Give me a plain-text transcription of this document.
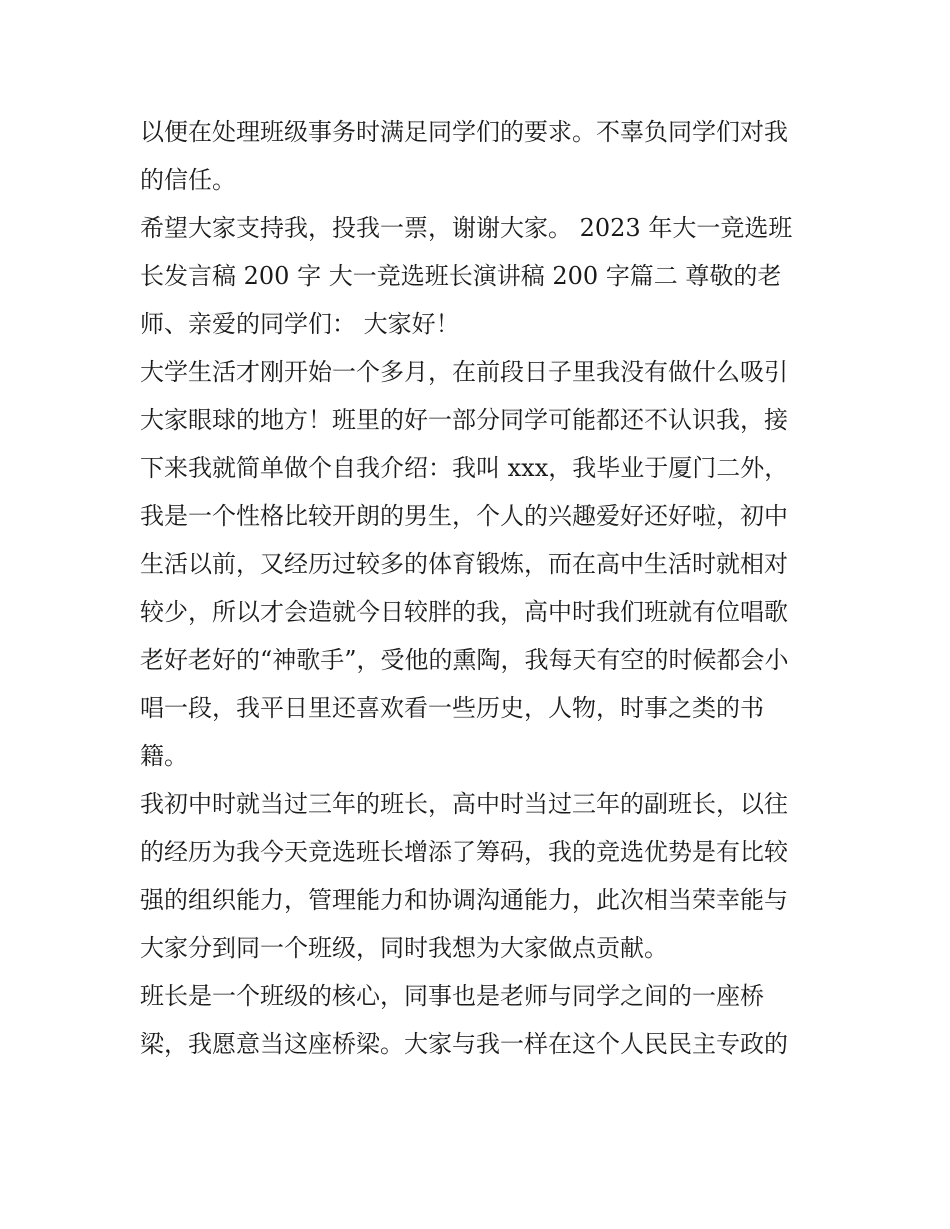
以便在处理班级事务时满足同学们的要求。不辜负同学们对我
的信任。
希望大家支持我，投我一票，谢谢大家。 2023 年大一竞选班
长发言稿 200 字 大一竞选班长演讲稿 200 字篇二 尊敬的老
师、亲爱的同学们： 大家好！
大学生活才刚开始一个多月，在前段日子里我没有做什么吸引
大家眼球的地方！班里的好一部分同学可能都还不认识我，接
下来我就简单做个自我介绍：我叫 xxx，我毕业于厦门二外，
我是一个性格比较开朗的男生，个人的兴趣爱好还好啦，初中
生活以前，又经历过较多的体育锻炼，而在高中生活时就相对
较少，所以才会造就今日较胖的我，高中时我们班就有位唱歌
老好老好的“神歌手”，受他的熏陶，我每天有空的时候都会小
唱一段，我平日里还喜欢看一些历史，人物，时事之类的书
籍。
我初中时就当过三年的班长，高中时当过三年的副班长，以往
的经历为我今天竞选班长增添了筹码，我的竞选优势是有比较
强的组织能力，管理能力和协调沟通能力，此次相当荣幸能与
大家分到同一个班级，同时我想为大家做点贡献。
班长是一个班级的核心，同事也是老师与同学之间的一座桥
梁，我愿意当这座桥梁。大家与我一样在这个人民民主专政的
